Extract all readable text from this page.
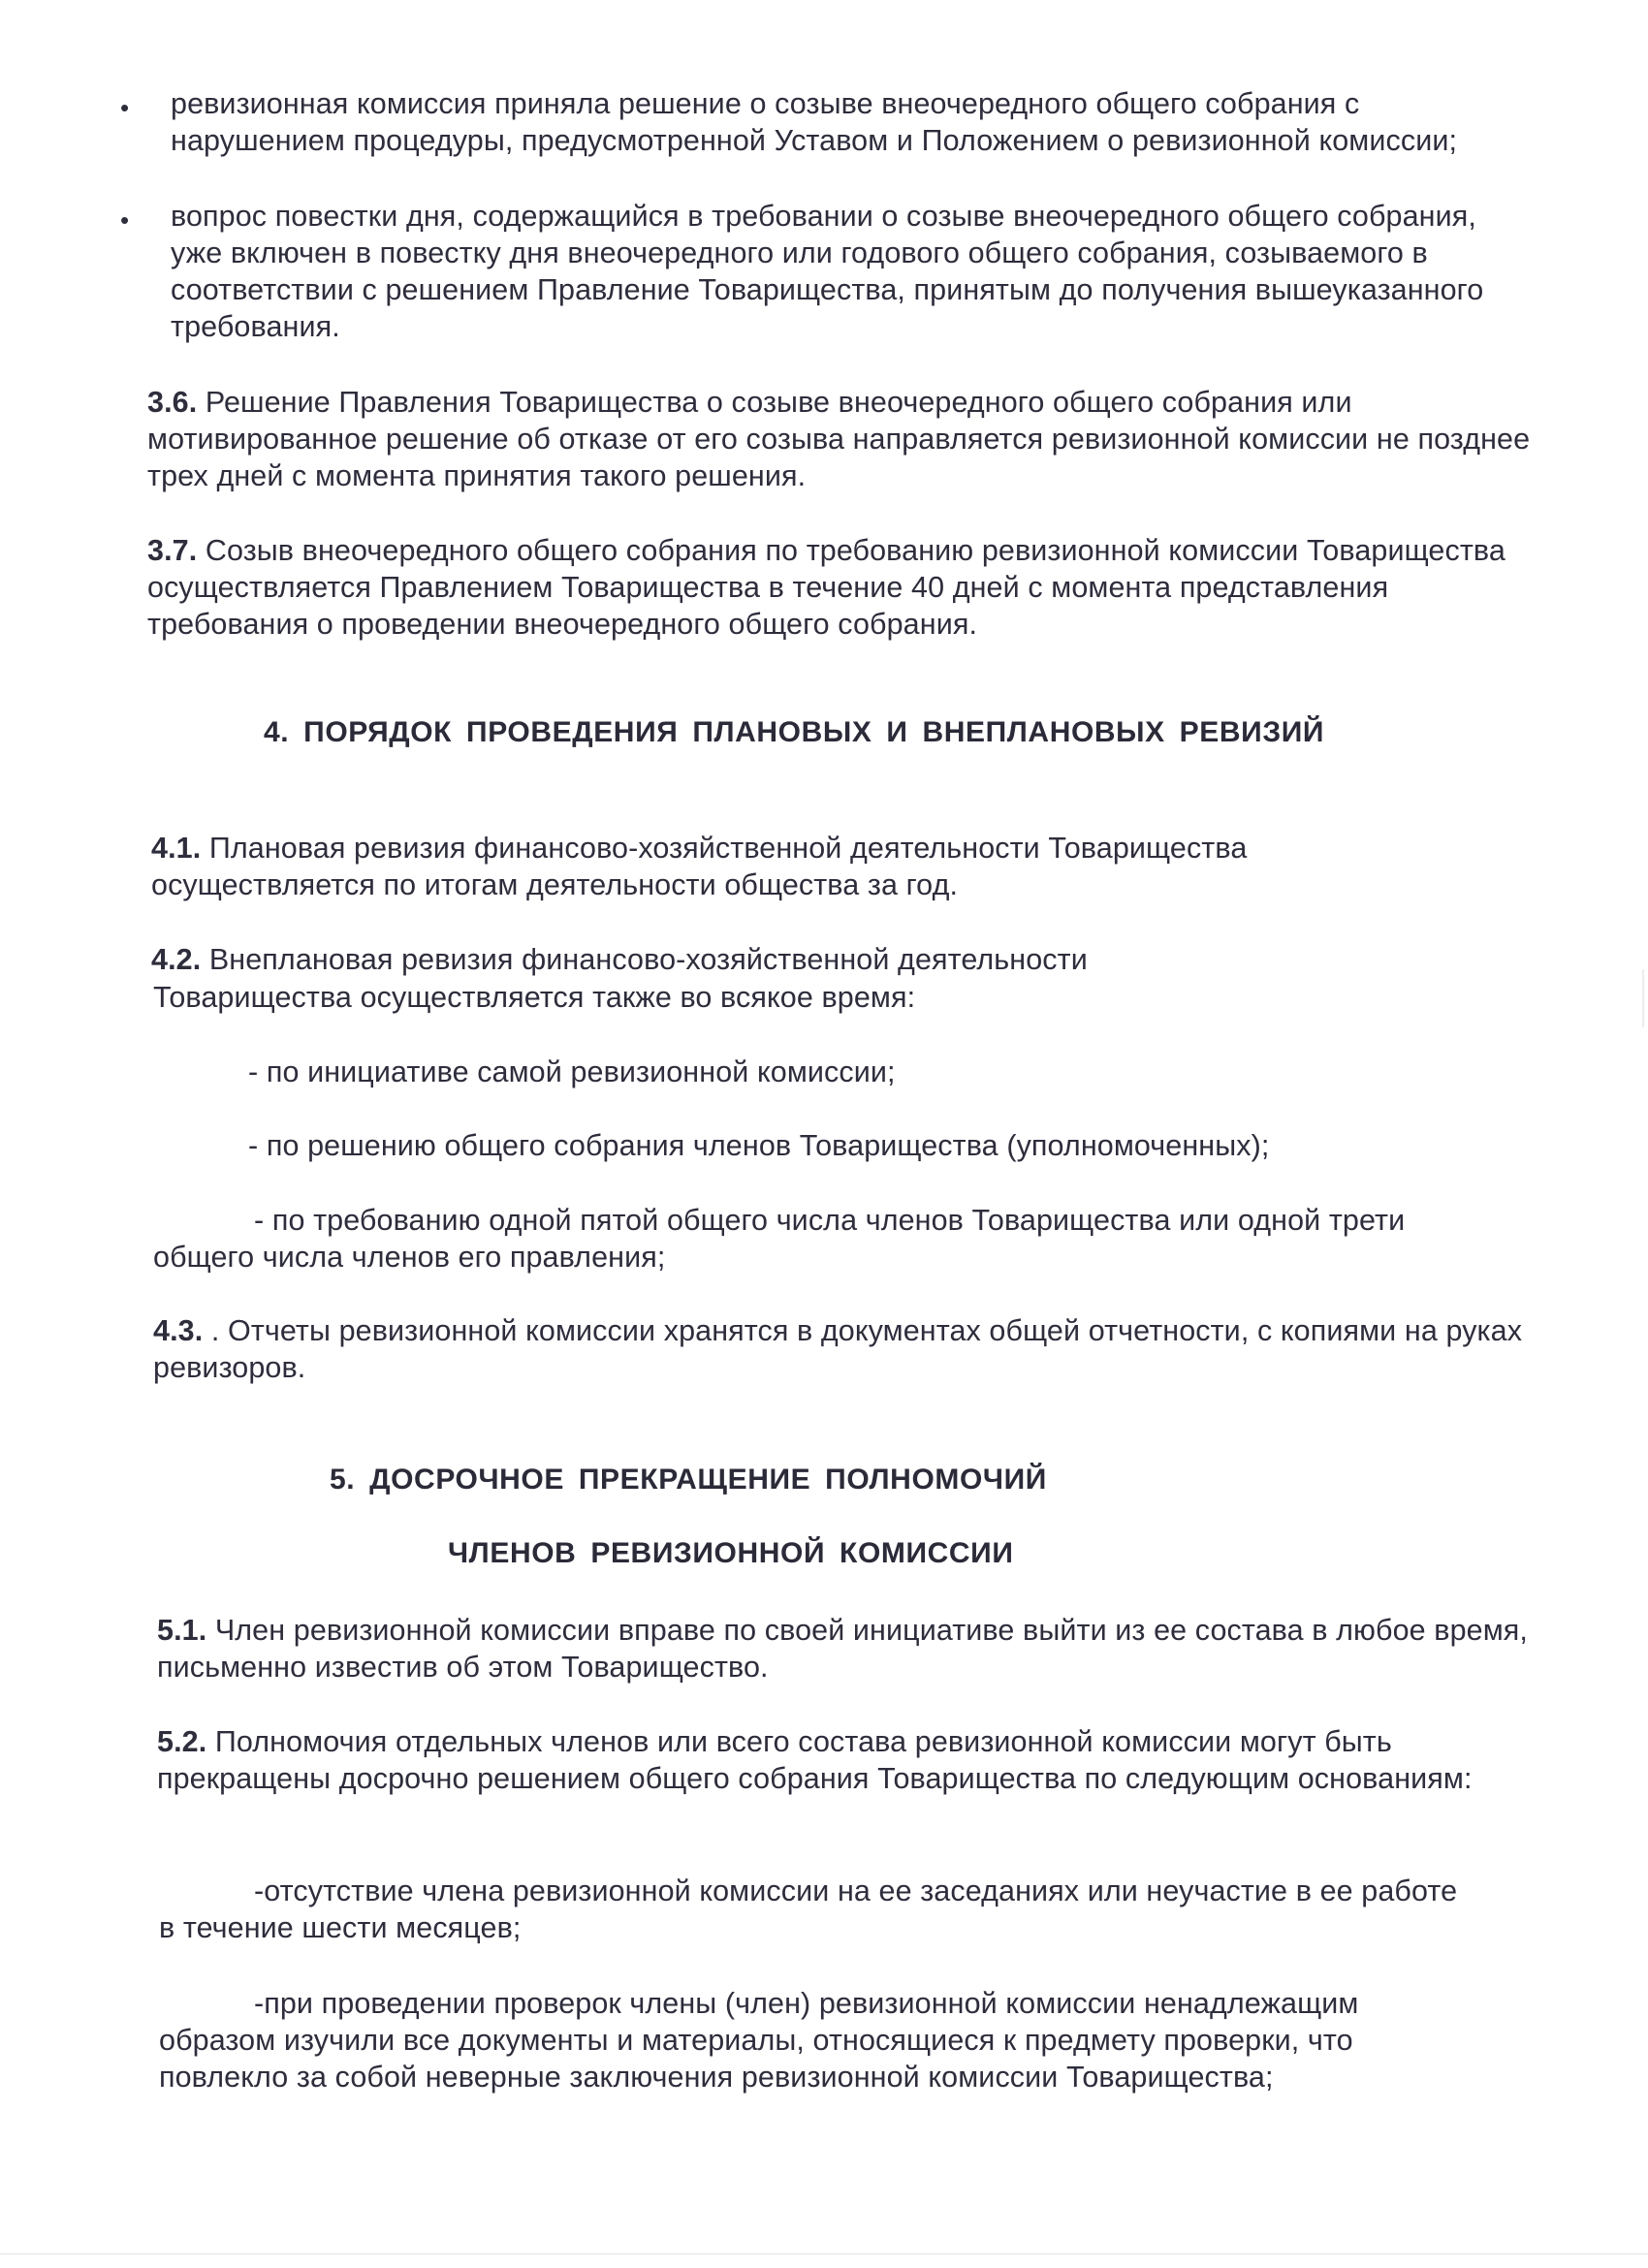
• ревизионная комиссия приняла решение о созыве внеочередного общего собрания с нарушением процедуры, предусмотренной Уставом и Положением о ревизионной комиссии;
• вопрос повестки дня, содержащийся в требовании о созыве внеочередного общего собрания, уже включен в повестку дня внеочередного или годового общего собрания, созываемого в соответствии с решением Правление Товарищества, принятым до получения вышеуказанного требования.
3.6. Решение Правления Товарищества о созыве внеочередного общего собрания или мотивированное решение об отказе от его созыва направляется ревизионной комиссии не позднее трех дней с момента принятия такого решения.
3.7. Созыв внеочередного общего собрания по требованию ревизионной комиссии Товарищества осуществляется Правлением Товарищества в течение 40 дней с момента представления требования о проведении внеочередного общего собрания.
4. ПОРЯДОК ПРОВЕДЕНИЯ ПЛАНОВЫХ И ВНЕПЛАНОВЫХ РЕВИЗИЙ
4.1. Плановая ревизия финансово-хозяйственной деятельности Товарищества осуществляется по итогам деятельности общества за год.
4.2. Внеплановая ревизия финансово-хозяйственной деятельности
Товарищества осуществляется также во всякое время:
- по инициативе самой ревизионной комиссии;
- по решению общего собрания членов Товарищества (уполномоченных);
- по требованию одной пятой общего числа членов Товарищества или одной трети
общего числа членов его правления;
4.3. . Отчеты ревизионной комиссии хранятся в документах общей отчетности, с копиями на руках ревизоров.
5. ДОСРОЧНОЕ ПРЕКРАЩЕНИЕ ПОЛНОМОЧИЙ
ЧЛЕНОВ РЕВИЗИОННОЙ КОМИССИИ
5.1. Член ревизионной комиссии вправе по своей инициативе выйти из ее состава в любое время, письменно известив об этом Товарищество.
5.2. Полномочия отдельных членов или всего состава ревизионной комиссии могут быть прекращены досрочно решением общего собрания Товарищества по следующим основаниям:
-отсутствие члена ревизионной комиссии на ее заседаниях или неучастие в ее работе
в течение шести месяцев;
-при проведении проверок члены (член) ревизионной комиссии ненадлежащим
образом изучили все документы и материалы, относящиеся к предмету проверки, что
повлекло за собой неверные заключения ревизионной комиссии Товарищества;
